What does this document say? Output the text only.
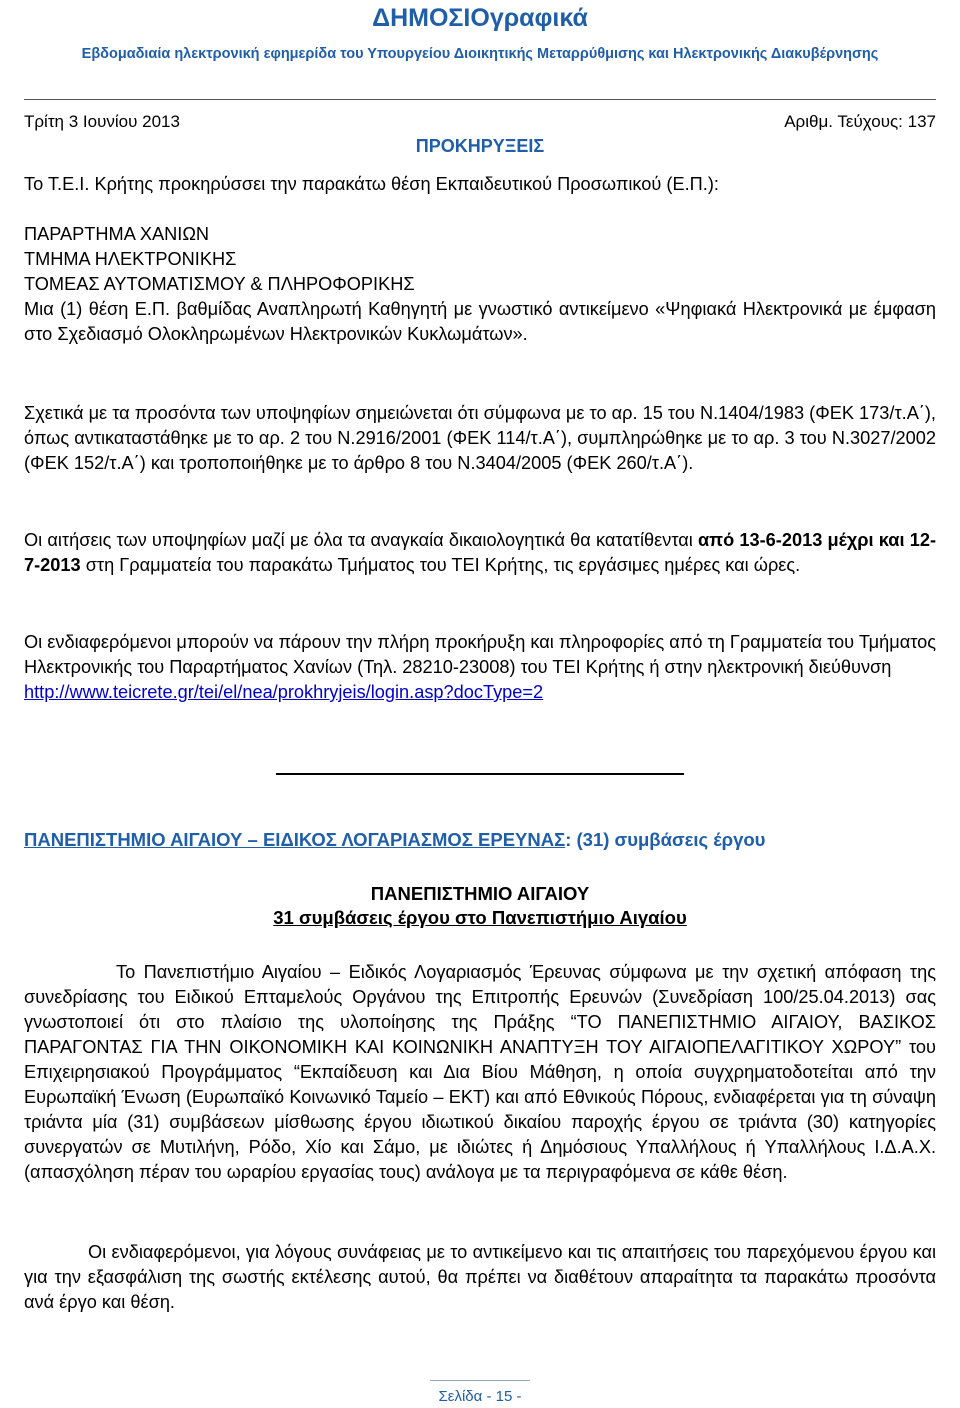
ΔΗΜΟΣΙΟγραφικά
Εβδομαδιαία ηλεκτρονική εφημερίδα του Υπουργείου Διοικητικής Μεταρρύθμισης και Ηλεκτρονικής Διακυβέρνησης
Τρίτη 3 Ιουνίου 2013	Αριθμ. Τεύχους: 137
ΠΡΟΚΗΡΥΞΕΙΣ
Το Τ.Ε.Ι. Κρήτης προκηρύσσει την παρακάτω θέση Εκπαιδευτικού Προσωπικού (Ε.Π.):
ΠΑΡΑΡΤΗΜΑ ΧΑΝΙΩΝ
ΤΜΗΜΑ ΗΛΕΚΤΡΟΝΙΚΗΣ
ΤΟΜΕΑΣ ΑΥΤΟΜΑΤΙΣΜΟΥ & ΠΛΗΡΟΦΟΡΙΚΗΣ

Μια (1) θέση Ε.Π. βαθμίδας Αναπληρωτή Καθηγητή με γνωστικό αντικείμενο «Ψηφιακά Ηλεκτρονικά με έμφαση στο Σχεδιασμό Ολοκληρωμένων Ηλεκτρονικών Κυκλωμάτων».

Σχετικά με τα προσόντα των υποψηφίων σημειώνεται ότι σύμφωνα με το αρ. 15 του Ν.1404/1983 (ΦΕΚ 173/τ.Α΄), όπως αντικαταστάθηκε με το αρ. 2 του Ν.2916/2001 (ΦΕΚ 114/τ.Α΄), συμπληρώθηκε με το αρ. 3 του Ν.3027/2002 (ΦΕΚ 152/τ.Α΄) και τροποποιήθηκε με το άρθρο 8 του Ν.3404/2005 (ΦΕΚ 260/τ.Α΄).

Οι αιτήσεις των υποψηφίων μαζί με όλα τα αναγκαία δικαιολογητικά θα κατατίθενται από 13-6-2013 μέχρι και 12-7-2013 στη Γραμματεία του παρακάτω Τμήματος του ΤΕΙ Κρήτης, τις εργάσιμες ημέρες και ώρες.

Οι ενδιαφερόμενοι μπορούν να πάρουν την πλήρη προκήρυξη και πληροφορίες από τη Γραμματεία του Τμήματος Ηλεκτρονικής του Παραρτήματος Χανίων (Τηλ. 28210-23008) του ΤΕΙ Κρήτης ή στην ηλεκτρονική διεύθυνση
http://www.teicrete.gr/tei/el/nea/prokhryjeis/login.asp?docType=2

ΠΑΝΕΠΙΣΤΗΜΙΟ ΑΙΓΑΙΟΥ – ΕΙΔΙΚΟΣ ΛΟΓΑΡΙΑΣΜΟΣ ΕΡΕΥΝΑΣ: (31) συμβάσεις έργου
ΠΑΝΕΠΙΣΤΗΜΙΟ ΑΙΓΑΙΟΥ
31 συμβάσεις έργου στο Πανεπιστήμιο Αιγαίου

Το Πανεπιστήμιο Αιγαίου – Ειδικός Λογαριασμός Έρευνας σύμφωνα με την σχετική απόφαση της συνεδρίασης του Ειδικού Επταμελούς Οργάνου της Επιτροπής Ερευνών (Συνεδρίαση 100/25.04.2013) σας γνωστοποιεί ότι στο πλαίσιο της υλοποίησης της Πράξης “ΤΟ ΠΑΝΕΠΙΣΤΗΜΙΟ ΑΙΓΑΙΟΥ, ΒΑΣΙΚΟΣ ΠΑΡΑΓΟΝΤΑΣ ΓΙΑ ΤΗΝ ΟΙΚΟΝΟΜΙΚΗ ΚΑΙ ΚΟΙΝΩΝΙΚΗ ΑΝΑΠΤΥΞΗ ΤΟΥ ΑΙΓΑΙΟΠΕΛΑΓΙΤΙΚΟΥ ΧΩΡΟΥ” του Επιχειρησιακού Προγράμματος “Εκπαίδευση και Δια Βίου Μάθηση, η οποία συγχρηματοδοτείται από την Ευρωπαϊκή Ένωση (Ευρωπαϊκό Κοινωνικό Ταμείο – ΕΚΤ) και από Εθνικούς Πόρους, ενδιαφέρεται για τη σύναψη τριάντα μία (31) συμβάσεων μίσθωσης έργου ιδιωτικού δικαίου παροχής έργου σε τριάντα (30) κατηγορίες συνεργατών σε Μυτιλήνη, Ρόδο, Χίο και Σάμο, με ιδιώτες ή Δημόσιους Υπαλλήλους ή Υπαλλήλους Ι.Δ.Α.Χ. (απασχόληση πέραν του ωραρίου εργασίας τους) ανάλογα με τα περιγραφόμενα σε κάθε θέση.

Οι ενδιαφερόμενοι, για λόγους συνάφειας με το αντικείμενο και τις απαιτήσεις του παρεχόμενου έργου και για την εξασφάλιση της σωστής εκτέλεσης αυτού, θα πρέπει να διαθέτουν απαραίτητα τα παρακάτω προσόντα ανά έργο και θέση.

Σελίδα - 15 -
